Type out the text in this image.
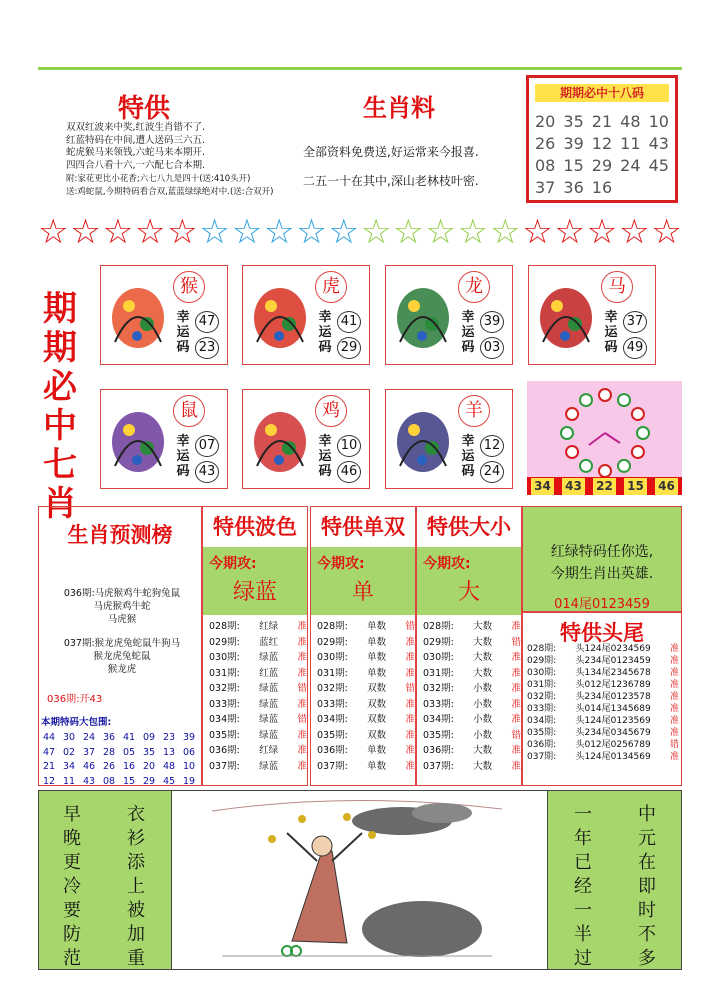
特供
双双红波来中奖,红波生肖错不了.
红蓝特码在中间,遭人送码三六五.
蛇虎猴马来领钱,六蛇马来本期开.
四四合八看十六,一六配七合本期.
附:家花更比小花香;六七八九是四十(送:410头开)
送:鸡蛇鼠,今期特码看合双,蓝蓝绿绿绝对中.(送:合双开)
生肖料
全部资料免费送,好运常来今报喜.
二五一十在其中,深山老林枝叶密.
期期必中十八码
20 35 21 48 10
26 39 12 11 43
08 15 29 24 45
37 36 16
☆ ☆ ☆ ☆ ☆ ☆ ☆ ☆ ☆ ☆ ☆ ☆ ☆ ☆ ☆ ☆ ☆ ☆ ☆ ☆
期
期
必
中
七
肖
猴
幸
运
码
47
23
虎
幸
运
码
41
29
龙
幸
运
码
39
03
马
幸
运
码
37
49
鼠
幸
运
码
07
43
鸡
幸
运
码
10
46
羊
幸
运
码
12
24
34 43 22 15 46
生肖预测榜
036期:马虎猴鸡牛蛇狗兔鼠
马虎猴鸡牛蛇
马虎猴
037期:猴龙虎兔蛇鼠牛狗马
猴龙虎兔蛇鼠
猴龙虎
036期:开43
本期特码大包围:
44 30 24 36 41 09 23 39
47 02 37 28 05 35 13 06
21 34 46 26 16 20 48 10
12 11 43 08 15 29 45 19
特供波色
今期攻:
绿蓝
028期: 红绿 准
029期: 蓝红 准
030期: 绿蓝 准
031期: 红蓝 准
032期: 绿蓝 错
033期: 绿蓝 准
034期: 绿蓝 错
035期: 绿蓝 准
036期: 红绿 准
037期: 绿蓝 准
特供单双
今期攻:
单
028期: 单数 错
029期: 单数 准
030期: 单数 准
031期: 单数 准
032期: 双数 错
033期: 双数 准
034期: 双数 准
035期: 双数 准
036期: 单数 准
037期: 单数 准
特供大小
今期攻:
大
028期: 大数 准
029期: 大数 错
030期: 大数 准
031期: 大数 准
032期: 小数 准
033期: 小数 准
034期: 小数 准
035期: 小数 错
036期: 大数 准
037期: 大数 准
红绿特码任你选,
今期生肖出英雄.
014尾0123459
特供头尾
028期: 头124尾0234569 准
029期: 头234尾0123459 准
030期: 头134尾2345678 准
031期: 头012尾1236789 准
032期: 头234尾0123578 准
033期: 头014尾1345689 准
034期: 头124尾0123569 准
035期: 头234尾0345679 准
036期: 头012尾0256789 错
037期: 头124尾0134569 准
早
晚
更
冷
要
防
范
衣
衫
添
上
被
加
重
一
年
已
经
一
半
过
中
元
在
即
时
不
多
